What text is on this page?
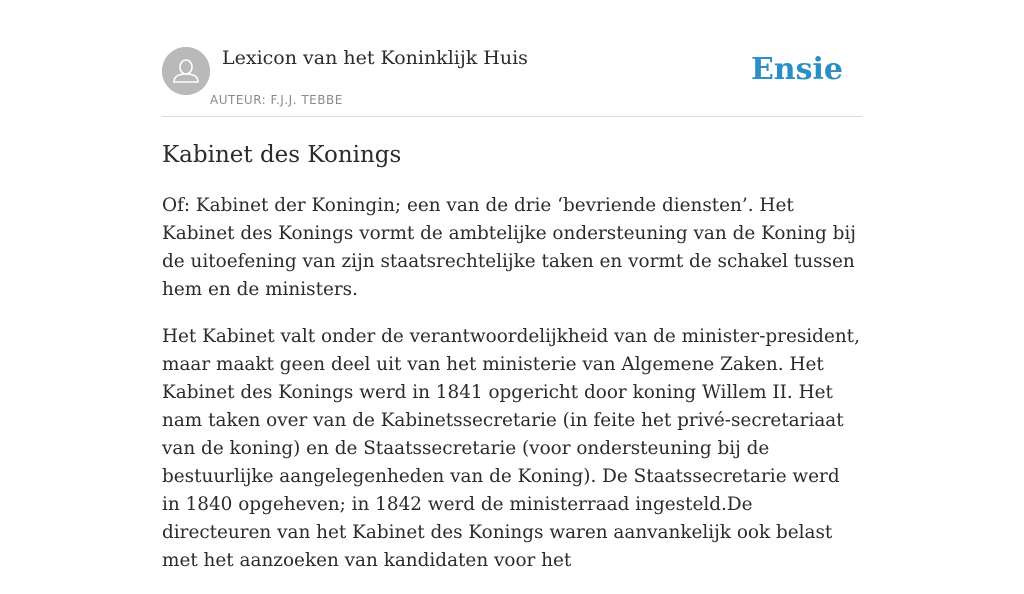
Lexicon van het Koninklijk Huis
AUTEUR: F.J.J. TEBBE
Ensie
Kabinet des Konings

Of: Kabinet der Koningin; een van de drie ‘bevriende diensten’. Het Kabinet des Konings vormt de ambtelijke ondersteuning van de Koning bij de uitoefening van zijn staatsrechtelijke taken en vormt de schakel tussen hem en de ministers.

Het Kabinet valt onder de verantwoordelijkheid van de minister-president, maar maakt geen deel uit van het ministerie van Algemene Zaken. Het Kabinet des Konings werd in 1841 opgericht door koning Willem II. Het nam taken over van de Kabinetssecretarie (in feite het privé-secretariaat van de koning) en de Staatssecretarie (voor ondersteuning bij de bestuurlijke aangelegenheden van de Koning). De Staatssecretarie werd in 1840 opgeheven; in 1842 werd de ministerraad ingesteld.De directeuren van het Kabinet des Konings waren aanvankelijk ook belast met het aanzoeken van kandidaten voor het
